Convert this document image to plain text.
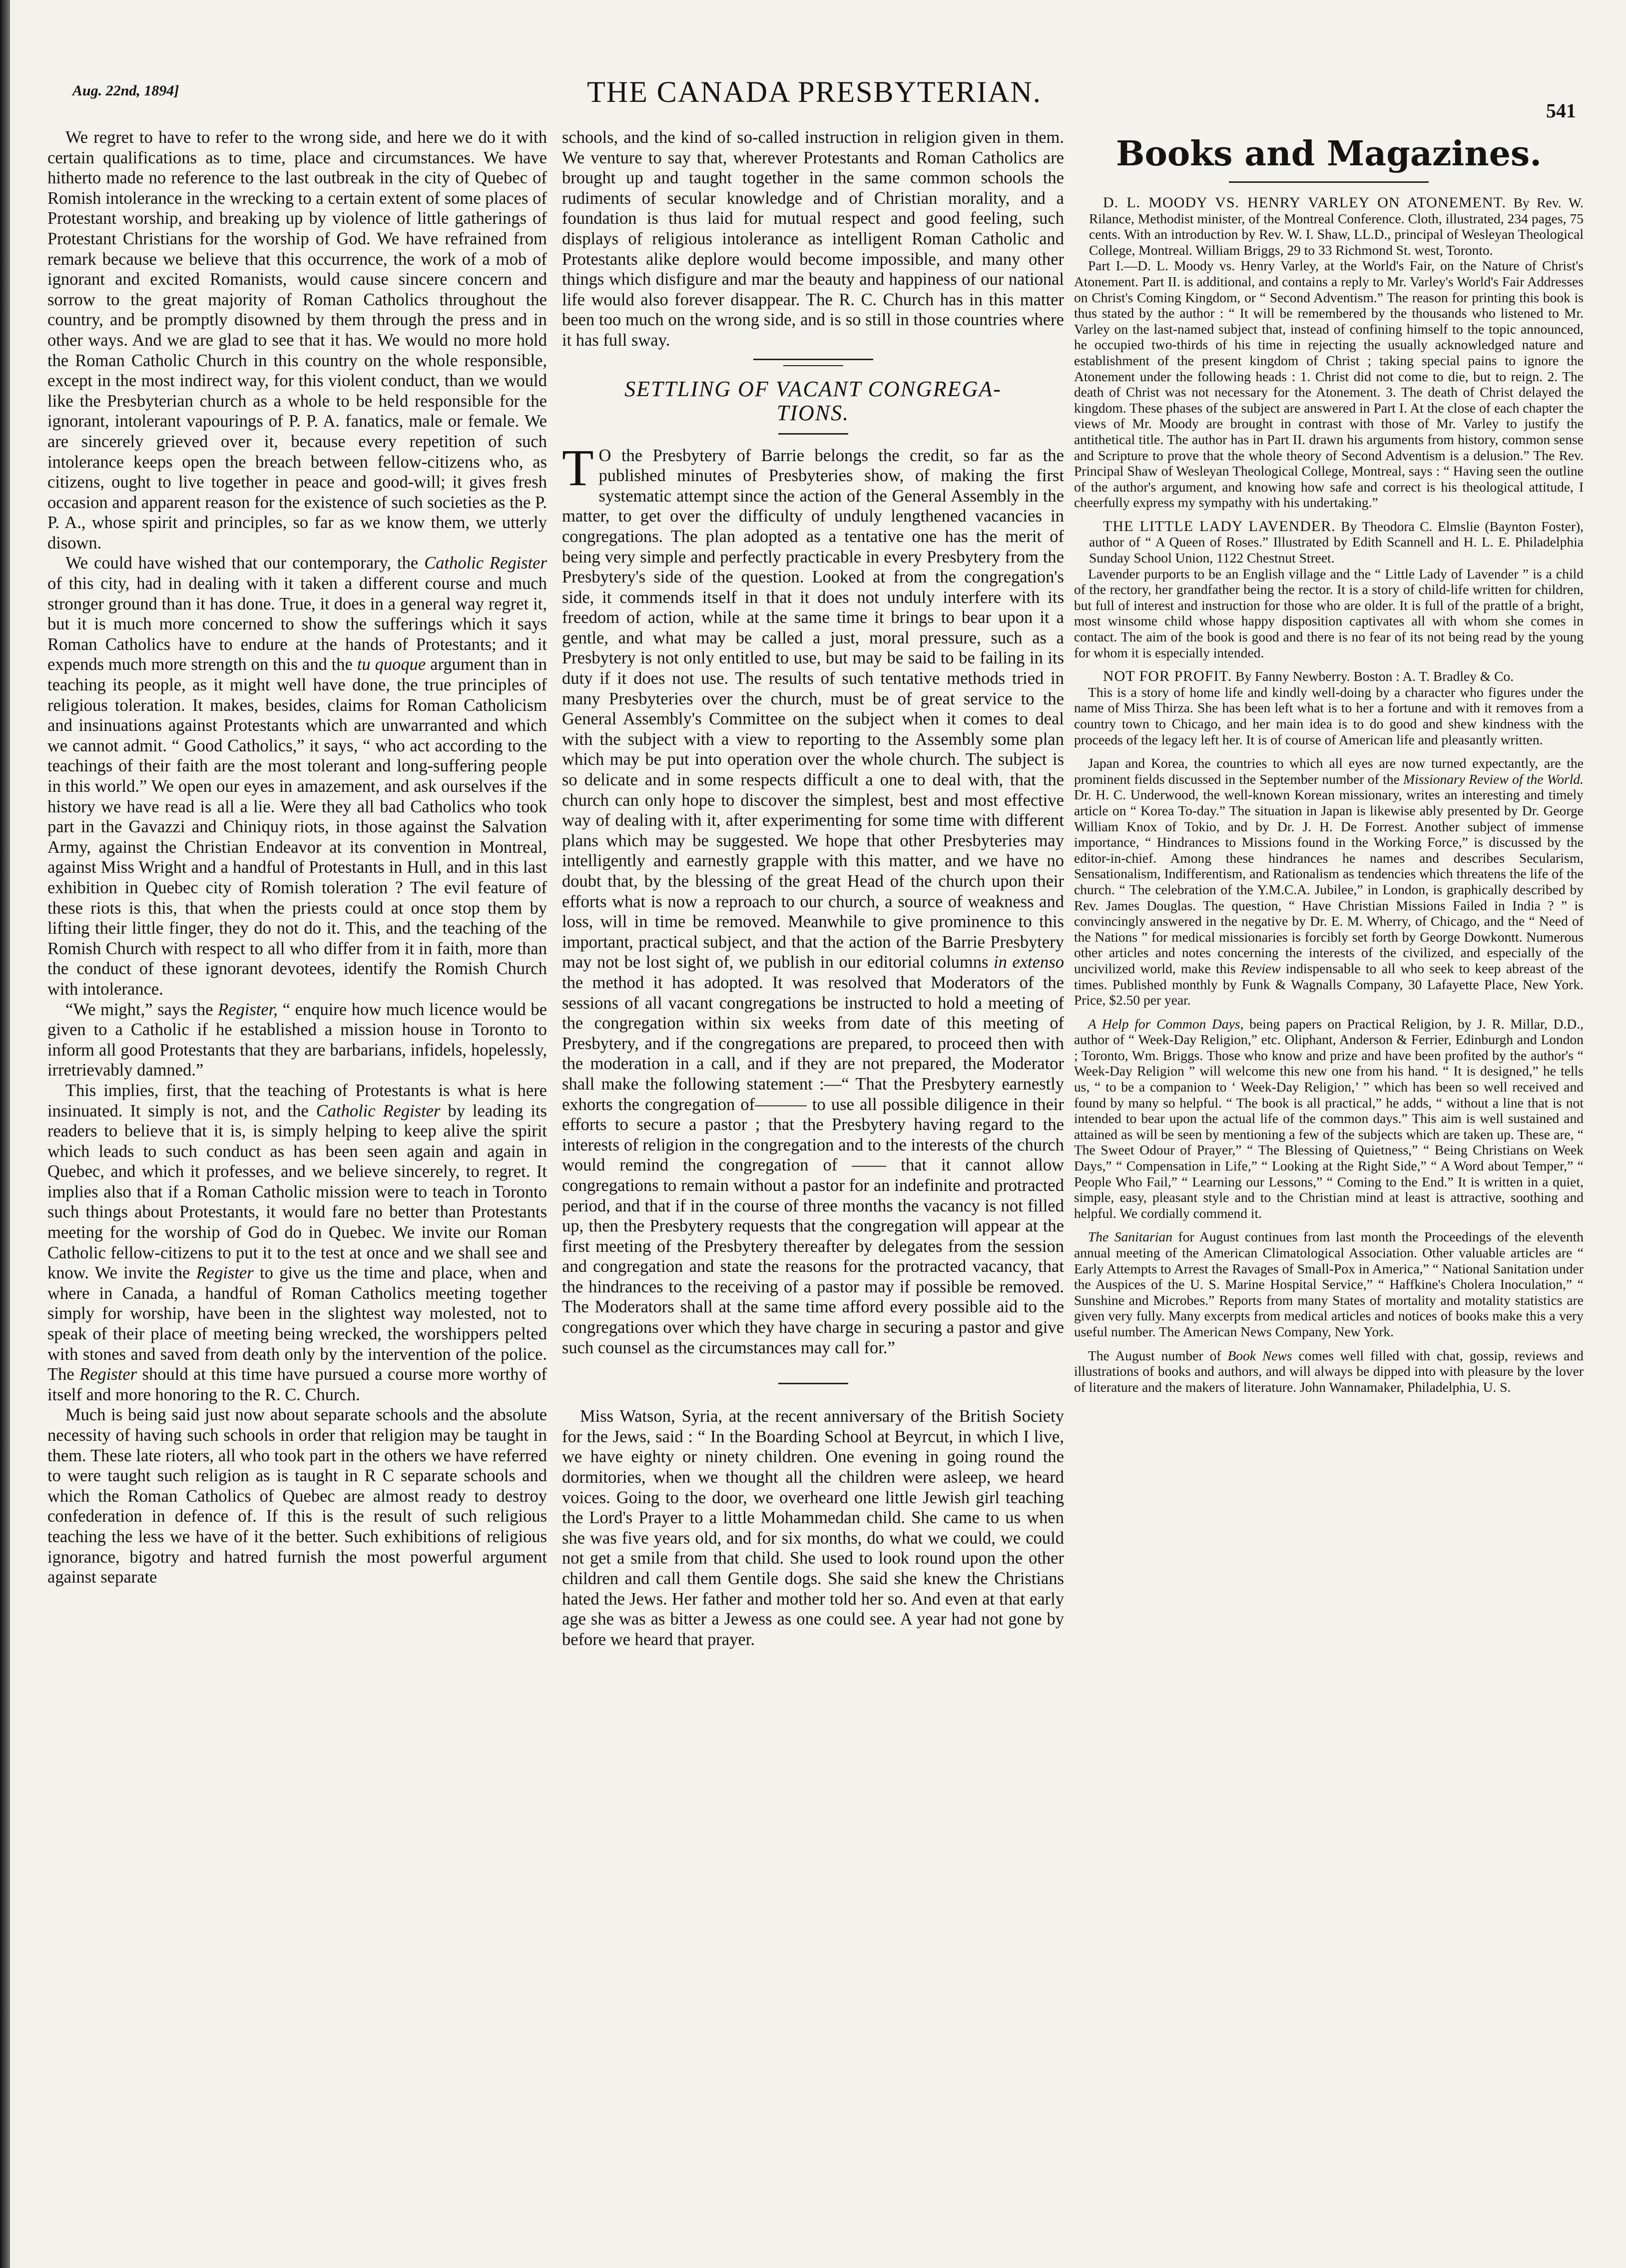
Aug. 22nd, 1894]	THE CANADA PRESBYTERIAN.
541

We regret to have to refer to the wrong side, and here we do it with certain qualifications as to time, place and circumstances. We have hitherto made no reference to the last outbreak in the city of Quebec of Romish intolerance in the wrecking to a certain extent of some places of Protestant worship, and breaking up by violence of little gatherings of Protestant Christians for the worship of God. We have refrained from remark because we believe that this occurrence, the work of a mob of ignorant and excited Romanists, would cause sincere concern and sorrow to the great majority of Roman Catholics throughout the country, and be promptly disowned by them through the press and in other ways. And we are glad to see that it has. We would no more hold the Roman Catholic Church in this country on the whole responsible, except in the most indirect way, for this violent conduct, than we would like the Presbyterian church as a whole to be held responsible for the ignorant, intolerant vapourings of P. P. A. fanatics, male or female. We are sincerely grieved over it, because every repetition of such intolerance keeps open the breach between fellow-citizens who, as citizens, ought to live together in peace and good-will; it gives fresh occasion and apparent reason for the existence of such societies as the P. P. A., whose spirit and principles, so far as we know them, we utterly disown.

We could have wished that our contemporary, the Catholic Register of this city, had in dealing with it taken a different course and much stronger ground than it has done. True, it does in a general way regret it, but it is much more concerned to show the sufferings which it says Roman Catholics have to endure at the hands of Protestants; and it expends much more strength on this and the tu quoque argument than in teaching its people, as it might well have done, the true principles of religious toleration. It makes, besides, claims for Roman Catholicism and insinuations against Protestants which are unwarranted and which we cannot admit. “ Good Catholics,” it says, “ who act according to the teachings of their faith are the most tolerant and long-suffering people in this world.” We open our eyes in amazement, and ask ourselves if the history we have read is all a lie. Were they all bad Catholics who took part in the Gavazzi and Chiniquy riots, in those against the Salvation Army, against the Christian Endeavor at its convention in Montreal, against Miss Wright and a handful of Protestants in Hull, and in this last exhibition in Quebec city of Romish toleration ? The evil feature of these riots is this, that when the priests could at once stop them by lifting their little finger, they do not do it. This, and the teaching of the Romish Church with respect to all who differ from it in faith, more than the conduct of these ignorant devotees, identify the Romish Church with intolerance.

“We might,” says the Register, “ enquire how much licence would be given to a Catholic if he established a mission house in Toronto to inform all good Protestants that they are barbarians, infidels, hopelessly, irretrievably damned.”

This implies, first, that the teaching of Protestants is what is here insinuated. It simply is not, and the Catholic Register by leading its readers to believe that it is, is simply helping to keep alive the spirit which leads to such conduct as has been seen again and again in Quebec, and which it professes, and we believe sincerely, to regret. It implies also that if a Roman Catholic mission were to teach in Toronto such things about Protestants, it would fare no better than Protestants meeting for the worship of God do in Quebec. We invite our Roman Catholic fellow-citizens to put it to the test at once and we shall see and know. We invite the Register to give us the time and place, when and where in Canada, a handful of Roman Catholics meeting together simply for worship, have been in the slightest way molested, not to speak of their place of meeting being wrecked, the worshippers pelted with stones and saved from death only by the intervention of the police. The Register should at this time have pursued a course more worthy of itself and more honoring to the R. C. Church.

Much is being said just now about separate schools and the absolute necessity of having such schools in order that religion may be taught in them. These late rioters, all who took part in the others we have referred to were taught such religion as is taught in R C separate schools and which the Roman Catholics of Quebec are almost ready to destroy confederation in defence of. If this is the result of such religious teaching the less we have of it the better. Such exhibitions of religious ignorance, bigotry and hatred furnish the most powerful argument against separate

schools, and the kind of so-called instruction in religion given in them. We venture to say that, wherever Protestants and Roman Catholics are brought up and taught together in the same common schools the rudiments of secular knowledge and of Christian morality, and a foundation is thus laid for mutual respect and good feeling, such displays of religious intolerance as intelligent Roman Catholic and Protestants alike deplore would become impossible, and many other things which disfigure and mar the beauty and happiness of our national life would also forever disappear. The R. C. Church has in this matter been too much on the wrong side, and is so still in those countries where it has full sway.

SETTLING OF VACANT CONGREGA-
TIONS.

T O the Presbytery of Barrie belongs the credit, so far as the published minutes of Presbyteries show, of making the first systematic attempt since the action of the General Assembly in the matter, to get over the difficulty of unduly lengthened vacancies in congregations. The plan adopted as a tentative one has the merit of being very simple and perfectly practicable in every Presbytery from the Presbytery's side of the question. Looked at from the congregation's side, it commends itself in that it does not unduly interfere with its freedom of action, while at the same time it brings to bear upon it a gentle, and what may be called a just, moral pressure, such as a Presbytery is not only entitled to use, but may be said to be failing in its duty if it does not use. The results of such tentative methods tried in many Presbyteries over the church, must be of great service to the General Assembly's Committee on the subject when it comes to deal with the subject with a view to reporting to the Assembly some plan which may be put into operation over the whole church. The subject is so delicate and in some respects difficult a one to deal with, that the church can only hope to discover the simplest, best and most effective way of dealing with it, after experimenting for some time with different plans which may be suggested. We hope that other Presbyteries may intelligently and earnestly grapple with this matter, and we have no doubt that, by the blessing of the great Head of the church upon their efforts what is now a reproach to our church, a source of weakness and loss, will in time be removed. Meanwhile to give prominence to this important, practical subject, and that the action of the Barrie Presbytery may not be lost sight of, we publish in our editorial columns in extenso the method it has adopted. It was resolved that Moderators of the sessions of all vacant congregations be instructed to hold a meeting of the congregation within six weeks from date of this meeting of Presbytery, and if the congregations are prepared, to proceed then with the moderation in a call, and if they are not prepared, the Moderator shall make the following statement :—“ That the Presbytery earnestly exhorts the congregation of——— to use all possible diligence in their efforts to secure a pastor ; that the Presbytery having regard to the interests of religion in the congregation and to the interests of the church would remind the congregation of —— that it cannot allow congregations to remain without a pastor for an indefinite and protracted period, and that if in the course of three months the vacancy is not filled up, then the Presbytery requests that the congregation will appear at the first meeting of the Presbytery thereafter by delegates from the session and congregation and state the reasons for the protracted vacancy, that the hindrances to the receiving of a pastor may if possible be removed. The Moderators shall at the same time afford every possible aid to the congregations over which they have charge in securing a pastor and give such counsel as the circumstances may call for.”

Miss Watson, Syria, at the recent anniversary of the British Society for the Jews, said : “ In the Boarding School at Beyrcut, in which I live, we have eighty or ninety children. One evening in going round the dormitories, when we thought all the children were asleep, we heard voices. Going to the door, we overheard one little Jewish girl teaching the Lord's Prayer to a little Mohammedan child. She came to us when she was five years old, and for six months, do what we could, we could not get a smile from that child. She used to look round upon the other children and call them Gentile dogs. She said she knew the Christians hated the Jews. Her father and mother told her so. And even at that early age she was as bitter a Jewess as one could see. A year had not gone by before we heard that prayer.

Books and Magazines.

D. L. MOODY VS. HENRY VARLEY ON ATONEMENT. By Rev. W. Rilance, Methodist minister, of the Montreal Conference. Cloth, illustrated, 234 pages, 75 cents. With an introduction by Rev. W. I. Shaw, LL.D., principal of Wesleyan Theological College, Montreal. William Briggs, 29 to 33 Richmond St. west, Toronto.

Part I.—D. L. Moody vs. Henry Varley, at the World's Fair, on the Nature of Christ's Atonement. Part II. is additional, and contains a reply to Mr. Varley's World's Fair Addresses on Christ's Coming Kingdom, or “ Second Adventism.” The reason for printing this book is thus stated by the author : “ It will be remembered by the thousands who listened to Mr. Varley on the last-named subject that, instead of confining himself to the topic announced, he occupied two-thirds of his time in rejecting the usually acknowledged nature and establishment of the present kingdom of Christ ; taking special pains to ignore the Atonement under the following heads : 1. Christ did not come to die, but to reign. 2. The death of Christ was not necessary for the Atonement. 3. The death of Christ delayed the kingdom. These phases of the subject are answered in Part I. At the close of each chapter the views of Mr. Moody are brought in contrast with those of Mr. Varley to justify the antithetical title. The author has in Part II. drawn his arguments from history, common sense and Scripture to prove that the whole theory of Second Adventism is a delusion.” The Rev. Principal Shaw of Wesleyan Theological College, Montreal, says : “ Having seen the outline of the author's argument, and knowing how safe and correct is his theological attitude, I cheerfully express my sympathy with his undertaking.”

THE LITTLE LADY LAVENDER. By Theodora C. Elmslie (Baynton Foster), author of “ A Queen of Roses.” Illustrated by Edith Scannell and H. L. E. Philadelphia Sunday School Union, 1122 Chestnut Street.

Lavender purports to be an English village and the “ Little Lady of Lavender ” is a child of the rectory, her grandfather being the rector. It is a story of child-life written for children, but full of interest and instruction for those who are older. It is full of the prattle of a bright, most winsome child whose happy disposition captivates all with whom she comes in contact. The aim of the book is good and there is no fear of its not being read by the young for whom it is especially intended.

NOT FOR PROFIT. By Fanny Newberry. Boston : A. T. Bradley & Co.

This is a story of home life and kindly well-doing by a character who figures under the name of Miss Thirza. She has been left what is to her a fortune and with it removes from a country town to Chicago, and her main idea is to do good and shew kindness with the proceeds of the legacy left her. It is of course of American life and pleasantly written.

Japan and Korea, the countries to which all eyes are now turned expectantly, are the prominent fields discussed in the September number of the Missionary Review of the World. Dr. H. C. Underwood, the well-known Korean missionary, writes an interesting and timely article on “ Korea To-day.” The situation in Japan is likewise ably presented by Dr. George William Knox of Tokio, and by Dr. J. H. De Forrest. Another subject of immense importance, “ Hindrances to Missions found in the Working Force,” is discussed by the editor-in-chief. Among these hindrances he names and describes Secularism, Sensationalism, Indifferentism, and Rationalism as tendencies which threatens the life of the church. “ The celebration of the Y.M.C.A. Jubilee,” in London, is graphically described by Rev. James Douglas. The question, “ Have Christian Missions Failed in India ? ” is convincingly answered in the negative by Dr. E. M. Wherry, of Chicago, and the “ Need of the Nations ” for medical missionaries is forcibly set forth by George Dowkontt. Numerous other articles and notes concerning the interests of the civilized, and especially of the uncivilized world, make this Review indispensable to all who seek to keep abreast of the times. Published monthly by Funk & Wagnalls Company, 30 Lafayette Place, New York. Price, $2.50 per year.

A Help for Common Days, being papers on Practical Religion, by J. R. Millar, D.D., author of “ Week-Day Religion,” etc. Oliphant, Anderson & Ferrier, Edinburgh and London ; Toronto, Wm. Briggs. Those who know and prize and have been profited by the author's “ Week-Day Religion ” will welcome this new one from his hand. “ It is designed,” he tells us, “ to be a companion to ‘ Week-Day Religion,’ ” which has been so well received and found by many so helpful. “ The book is all practical,” he adds, “ without a line that is not intended to bear upon the actual life of the common days.” This aim is well sustained and attained as will be seen by mentioning a few of the subjects which are taken up. These are, “ The Sweet Odour of Prayer,” “ The Blessing of Quietness,” “ Being Christians on Week Days,” “ Compensation in Life,” “ Looking at the Right Side,” “ A Word about Temper,” “ People Who Fail,” “ Learning our Lessons,” “ Coming to the End.” It is written in a quiet, simple, easy, pleasant style and to the Christian mind at least is attractive, soothing and helpful. We cordially commend it.

The Sanitarian for August continues from last month the Proceedings of the eleventh annual meeting of the American Climatological Association. Other valuable articles are “ Early Attempts to Arrest the Ravages of Small-Pox in America,” “ National Sanitation under the Auspices of the U. S. Marine Hospital Service,” “ Haffkine's Cholera Inoculation,” “ Sunshine and Microbes.” Reports from many States of mortality and motality statistics are given very fully. Many excerpts from medical articles and notices of books make this a very useful number. The American News Company, New York.

The August number of Book News comes well filled with chat, gossip, reviews and illustrations of books and authors, and will always be dipped into with pleasure by the lover of literature and the makers of literature. John Wannamaker, Philadelphia, U. S.
